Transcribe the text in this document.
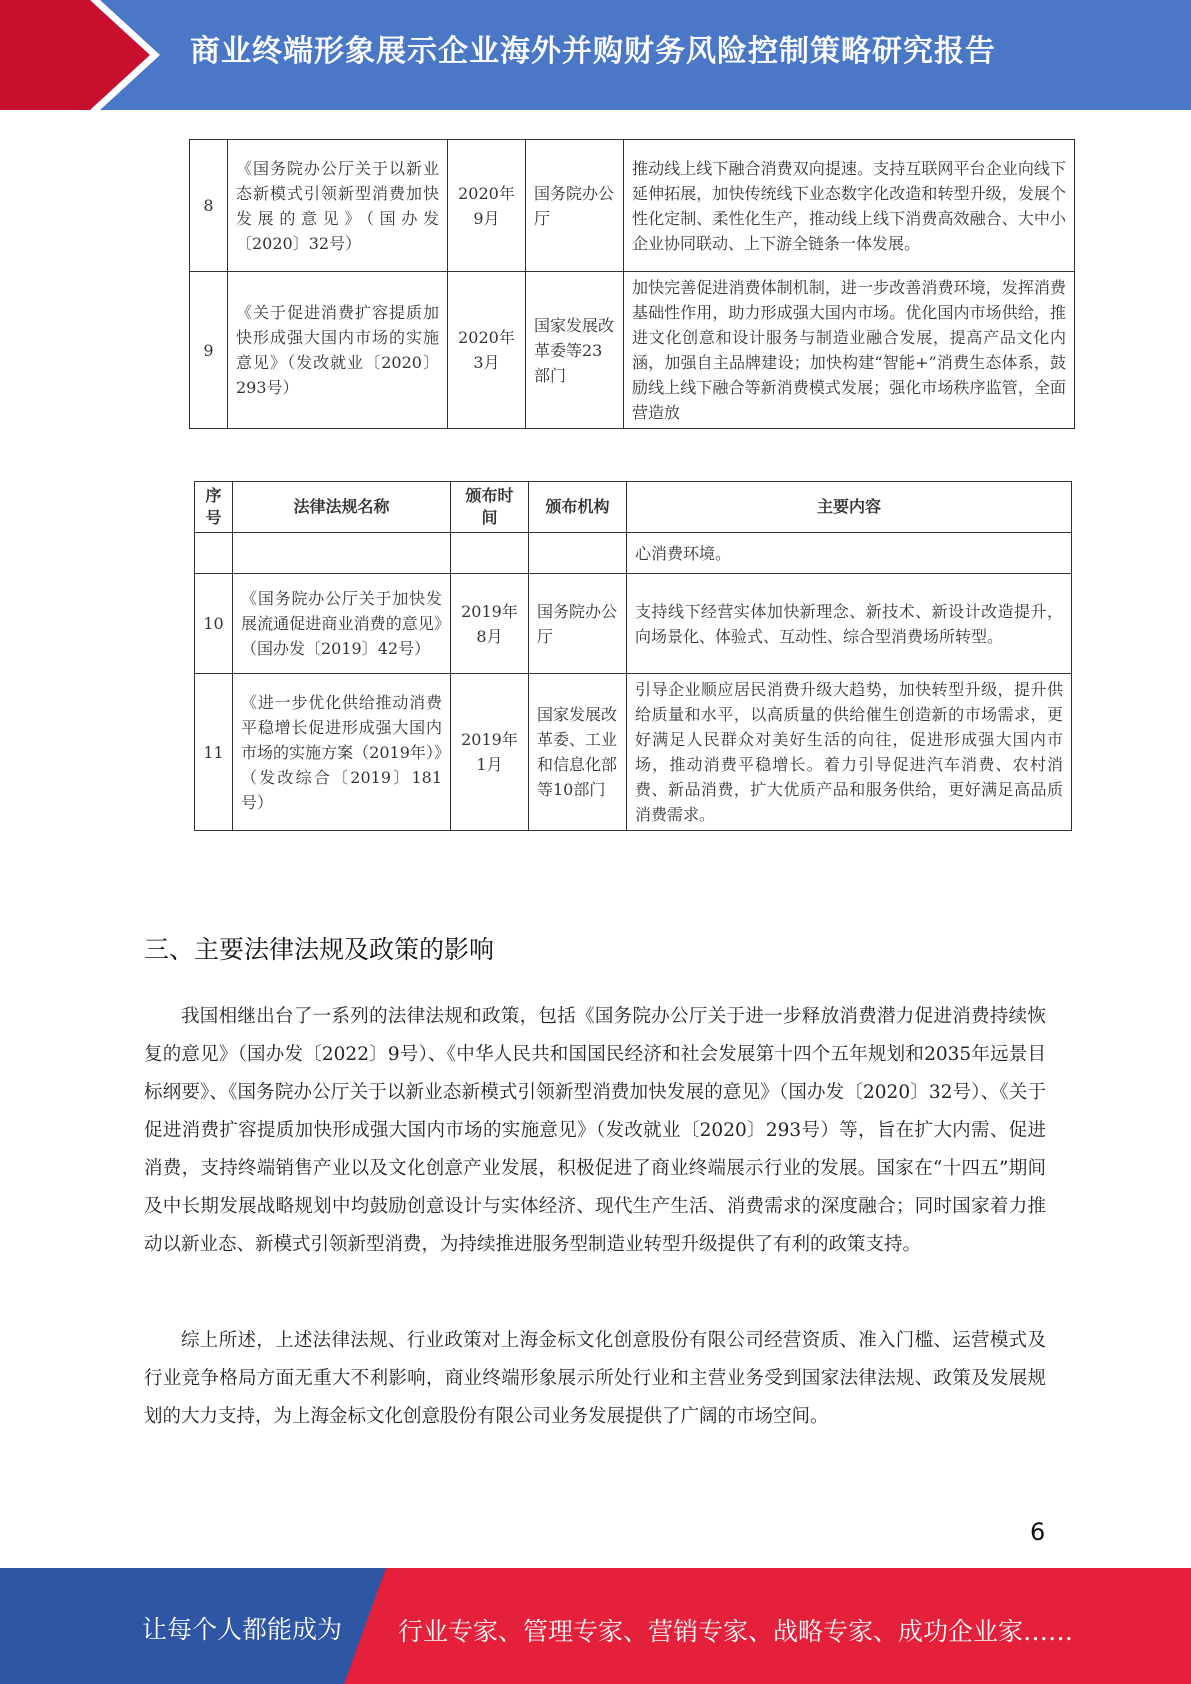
商业终端形象展示企业海外并购财务风险控制策略研究报告
8	《国务院办公厅关于以新业态新模式引领新型消费加快发展的意见》（国办发〔2020〕32号）	2020年9月	国务院办公厅	推动线上线下融合消费双向提速。支持互联网平台企业向线下延伸拓展，加快传统线下业态数字化改造和转型升级，发展个性化定制、柔性化生产，推动线上线下消费高效融合、大中小企业协同联动、上下游全链条一体发展。
9	《关于促进消费扩容提质加快形成强大国内市场的实施意见》（发改就业〔2020〕293号）	2020年3月	国家发展改革委等23部门	加快完善促进消费体制机制，进一步改善消费环境，发挥消费基础性作用，助力形成强大国内市场。优化国内市场供给，推进文化创意和设计服务与制造业融合发展，提高产品文化内涵，加强自主品牌建设；加快构建“智能+”消费生态体系，鼓励线上线下融合等新消费模式发展；强化市场秩序监管，全面营造放
序号	法律法规名称	颁布时间	颁布机构	主要内容
				心消费环境。
10	《国务院办公厅关于加快发展流通促进商业消费的意见》（国办发〔2019〕42号）	2019年8月	国务院办公厅	支持线下经营实体加快新理念、新技术、新设计改造提升，向场景化、体验式、互动性、综合型消费场所转型。
11	《进一步优化供给推动消费平稳增长促进形成强大国内市场的实施方案（2019年）》（发改综合〔2019〕181号）	2019年1月	国家发展改革委、工业和信息化部等10部门	引导企业顺应居民消费升级大趋势，加快转型升级，提升供给质量和水平，以高质量的供给催生创造新的市场需求，更好满足人民群众对美好生活的向往，促进形成强大国内市场，推动消费平稳增长。着力引导促进汽车消费、农村消费、新品消费，扩大优质产品和服务供给，更好满足高品质消费需求。
三、主要法律法规及政策的影响

我国相继出台了一系列的法律法规和政策，包括《国务院办公厅关于进一步释放消费潜力促进消费持续恢复的意见》（国办发〔2022〕9号）、《中华人民共和国国民经济和社会发展第十四个五年规划和2035年远景目标纲要》、《国务院办公厅关于以新业态新模式引领新型消费加快发展的意见》（国办发〔2020〕32号）、《关于促进消费扩容提质加快形成强大国内市场的实施意见》（发改就业〔2020〕293号）等，旨在扩大内需、促进消费，支持终端销售产业以及文化创意产业发展，积极促进了商业终端展示行业的发展。国家在“十四五”期间及中长期发展战略规划中均鼓励创意设计与实体经济、现代生产生活、消费需求的深度融合；同时国家着力推动以新业态、新模式引领新型消费，为持续推进服务型制造业转型升级提供了有利的政策支持。

综上所述，上述法律法规、行业政策对上海金标文化创意股份有限公司经营资质、准入门槛、运营模式及行业竞争格局方面无重大不利影响，商业终端形象展示所处行业和主营业务受到国家法律法规、政策及发展规划的大力支持，为上海金标文化创意股份有限公司业务发展提供了广阔的市场空间。

6
让每个人都能成为 行业专家、管理专家、营销专家、战略专家、成功企业家……
